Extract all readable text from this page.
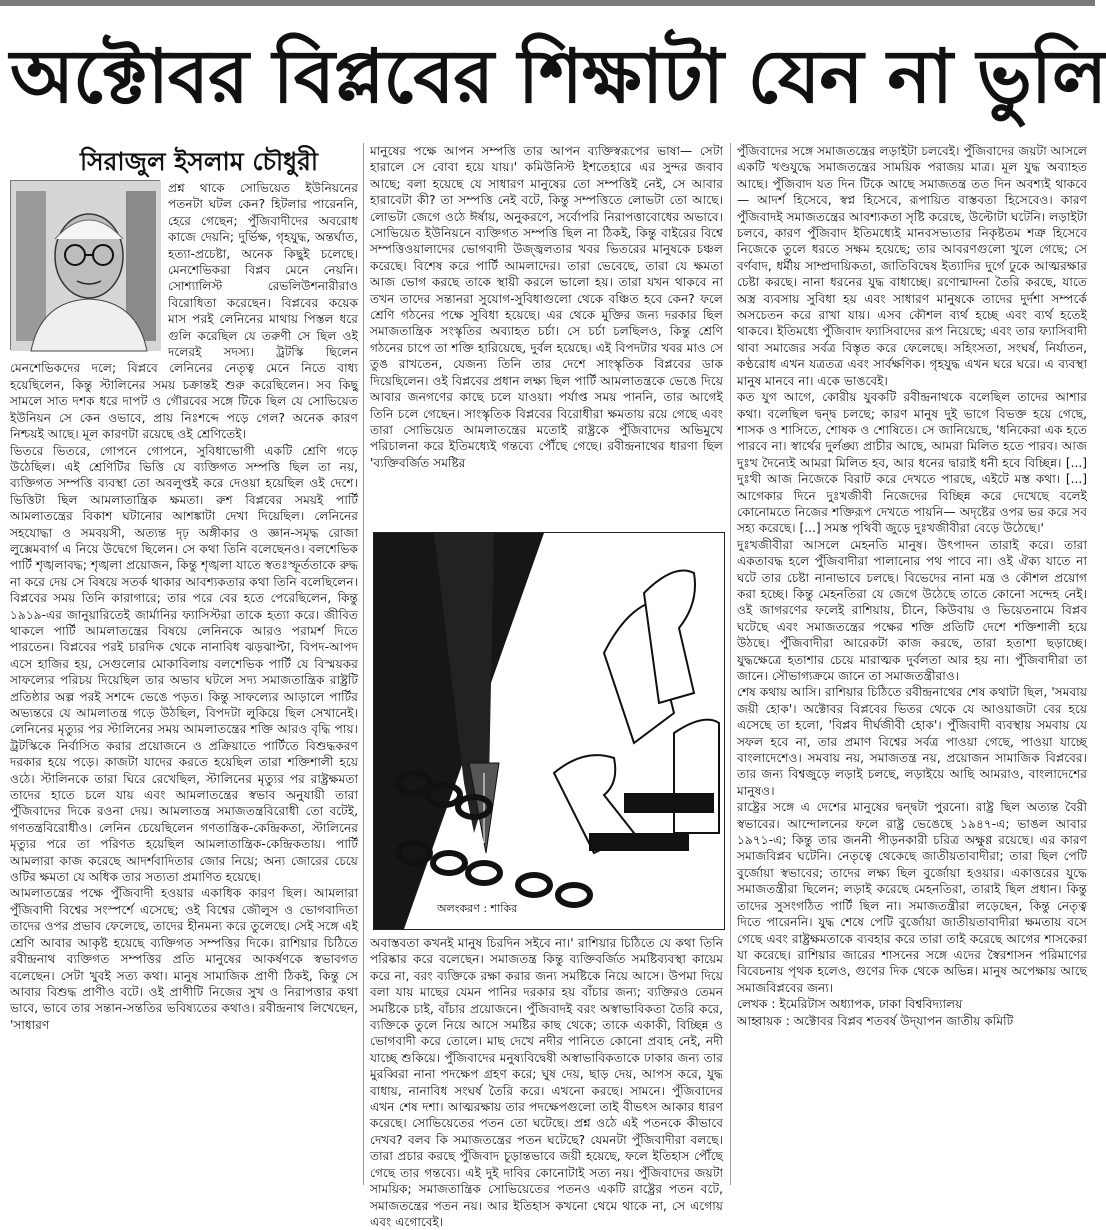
অক্টোবর বিপ্লবের শিক্ষাটা যেন না ভুলি
সিরাজুল ইসলাম চৌধুরী

প্রশ্ন থাকে সোভিয়েত ইউনিয়নের পতনটা ঘটল কেন? হিটলার পারেননি, হেরে গেছেন; পুঁজিবাদীদের অবরোধ কাজে দেয়নি; দুর্ভিক্ষ, গৃহযুদ্ধ, অন্তর্ঘাত, হত্যা-প্রচেষ্টা, অনেক কিছুই চলেছে। মেনশেভিকরা বিপ্লব মেনে নেয়নি। সোশ্যালিস্ট রেভলিউশনারীরাও বিরোধিতা করেছেন। বিপ্লবের কয়েক মাস পরই লেনিনের মাথায় পিস্তল ধরে গুলি করেছিল যে তরুণী সে ছিল ওই দলেরই সদস্য। ট্রটস্কি ছিলেন মেনশেভিকদের দলে; বিপ্লবে লেনিনের নেতৃত্ব মেনে নিতে বাধ্য হয়েছিলেন, কিন্তু স্টালিনের সময় চক্রান্তই শুরু করেছিলেন। সব কিছু সামলে সাত দশক ধরে দাপট ও গৌরবের সঙ্গে টিকে ছিল যে সোভিয়েত ইউনিয়ন সে কেন ওভাবে, প্রায় নিঃশব্দে পড়ে গেল? অনেক কারণ নিশ্চয়ই আছে। মূল কারণটা রয়েছে ওই শ্রেণিতেই।

ভিতরে ভিতরে, গোপনে গোপনে, সুবিধাভোগী একটি শ্রেণি গড়ে উঠেছিল। এই শ্রেণিটির ভিত্তি যে ব্যক্তিগত সম্পত্তি ছিল তা নয়, ব্যক্তিগত সম্পত্তি ব্যবস্থা তো অবলুপ্তই করে দেওয়া হয়েছিল ওই দেশে। ভিত্তিটা ছিল আমলাতান্ত্রিক ক্ষমতা। রুশ বিপ্লবের সময়ই পার্টি আমলাতন্ত্রের বিকাশ ঘটানোর আশঙ্কাটা দেখা দিয়েছিল। লেনিনের সহযোদ্ধা ও সমবয়সী, অত্যন্ত দৃঢ় অঙ্গীকার ও জ্ঞান-সমৃদ্ধ রোজা লুক্সেমবার্গ এ নিয়ে উদ্বেগে ছিলেন। সে কথা তিনি বলেছেনও। বলশেভিক পার্টি শৃঙ্খলাবদ্ধ; শৃঙ্খলা প্রয়োজন, কিন্তু শৃঙ্খলা যাতে স্বতঃস্ফূর্ততাকে রুদ্ধ না করে দেয় সে বিষয়ে সতর্ক থাকার আবশ্যকতার কথা তিনি বলেছিলেন। বিপ্লবের সময় তিনি কারাগারে; তার পরে বের হতে পেরেছিলেন, কিন্তু ১৯১৯-এর জানুয়ারিতেই জার্মানির ফ্যাসিস্টরা তাকে হত্যা করে। জীবিত থাকলে পার্টি আমলাতন্ত্রের বিষয়ে লেনিনকে আরও পরামর্শ দিতে পারতেন। বিপ্লবের পরই চারদিক থেকে নানাবিধ ঝড়ঝাপ্টা, বিপদ-আপদ এসে হাজির হয়, সেগুলোর মোকাবিলায় বলশেভিক পার্টি যে বিস্ময়কর সাফল্যের পরিচয় দিয়েছিল তার অভাব ঘটলে সদ্য সমাজতান্ত্রিক রাষ্ট্রটি প্রতিষ্ঠার অল্প পরই সশব্দে ভেঙে পড়ত। কিন্তু সাফল্যের আড়ালে পার্টির অভ্যন্তরে যে আমলাতন্ত্র গড়ে উঠছিল, বিপদটা লুকিয়ে ছিল সেখানেই। লেনিনের মৃত্যুর পর স্টালিনের সময় আমলাতন্ত্রের শক্তি আরও বৃদ্ধি পায়। ট্রটস্কিকে নির্বাসিত করার প্রয়োজনে ও প্রক্রিয়াতে পার্টিতে বিশুদ্ধকরণ দরকার হয়ে পড়ে। কাজটা যাদের করতে হয়েছিল তারা শক্তিশালী হয়ে ওঠে। স্টালিনকে তারা ঘিরে রেখেছিল, স্টালিনের মৃত্যুর পর রাষ্ট্রক্ষমতা তাদের হাতে চলে যায় এবং আমলাতন্ত্রের স্বভাব অনুযায়ী তারা পুঁজিবাদের দিকে রওনা দেয়। আমলাতন্ত্র সমাজতন্ত্রবিরোধী তো বটেই, গণতন্ত্রবিরোধীও। লেনিন চেয়েছিলেন গণতান্ত্রিক-কেন্দ্রিকতা, স্টালিনের মৃত্যুর পরে তা পরিণত হয়েছিল আমলাতান্ত্রিক-কেন্দ্রিকতায়। পার্টি আমলারা কাজ করেছে আদর্শবাদিতার জোর নিয়ে; অন্য জোরের চেয়ে ওটির ক্ষমতা যে অধিক তার সত্যতা প্রমাণিত হয়েছে।

আমলাতন্ত্রের পক্ষে পুঁজিবাদী হওয়ার একাধিক কারণ ছিল। আমলারা পুঁজিবাদী বিশ্বের সংস্পর্শে এসেছে; ওই বিশ্বের জৌলুস ও ভোগবাদিতা তাদের ওপর প্রভাব ফেলেছে, তাদের হীনমন্য করে তুলেছে। সেই সঙ্গে এই শ্রেণি আবার আকৃষ্ট হয়েছে ব্যক্তিগত সম্পত্তির দিকে। রাশিয়ার চিঠিতে রবীন্দ্রনাথ ব্যক্তিগত সম্পত্তির প্রতি মানুষের আকর্ষণকে স্বভাবগত বলেছেন। সেটা খুবই সত্য কথা। মানুষ সামাজিক প্রাণী ঠিকই, কিন্তু সে আবার বিশুদ্ধ প্রাণীও বটে। ওই প্রাণীটি নিজের সুখ ও নিরাপত্তার কথা ভাবে, ভাবে তার সন্তান-সন্ততির ভবিষ্যতের কথাও। রবীন্দ্রনাথ লিখেছেন, 'সাধারণ

মানুষের পক্ষে আপন সম্পত্তি তার আপন ব্যক্তিস্বরূপের ভাষা— সেটা হারালে সে বোবা হয়ে যায়।' কমিউনিস্ট ইশতেহারে এর সুন্দর জবাব আছে; বলা হয়েছে যে সাধারণ মানুষের তো সম্পত্তিই নেই, সে আবার হারাবেটা কী? তা সম্পত্তি নেই বটে, কিন্তু সম্পত্তিতে লোভটা তো আছে। লোভটা জেগে ওঠে ঈর্ষায়, অনুকরণে, সর্বোপরি নিরাপত্তাবোধের অভাবে। সোভিয়েত ইউনিয়নে ব্যক্তিগত সম্পত্তি ছিল না ঠিকই, কিন্তু বাইরের বিশ্বে সম্পত্তিওয়ালাদের ভোগবাদী উজ্জ্বলতার খবর ভিতরের মানুষকে চঞ্চল করেছে। বিশেষ করে পার্টি আমলাদের। তারা ভেবেছে, তারা যে ক্ষমতা আজ ভোগ করছে তাকে স্থায়ী করলে ভালো হয়। তারা যখন থাকবে না তখন তাদের সন্তানরা সুযোগ-সুবিধাগুলো থেকে বঞ্চিত হবে কেন? ফলে শ্রেণি গঠনের পক্ষে সুবিধা হয়েছে। এর থেকে মুক্তির জন্য দরকার ছিল সমাজতান্ত্রিক সংস্কৃতির অব্যাহত চর্চা। সে চর্চা চলছিলও, কিন্তু শ্রেণি গঠনের চাপে তা শক্তি হারিয়েছে, দুর্বল হয়েছে। এই বিপদটার খবর মাও সে তুঙ রাখতেন, যেজন্য তিনি তার দেশে সাংস্কৃতিক বিপ্লবের ডাক দিয়েছিলেন। ওই বিপ্লবের প্রধান লক্ষ্য ছিল পার্টি আমলাতন্ত্রকে ভেঙে দিয়ে আবার জনগণের কাছে চলে যাওয়া। পর্যাপ্ত সময় পাননি, তার আগেই তিনি চলে গেছেন। সাংস্কৃতিক বিপ্লবের বিরোধীরা ক্ষমতায় রয়ে গেছে এবং তারা সোভিয়েত আমলাতন্ত্রের মতোই রাষ্ট্রকে পুঁজিবাদের অভিমুখে পরিচালনা করে ইতিমধ্যেই গন্তব্যে পৌঁছে গেছে। রবীন্দ্রনাথের ধারণা ছিল 'ব্যক্তিবর্জিত সমষ্টির

অলংকরণ : শাকির

অবাস্তবতা কখনই মানুষ চিরদিন সইবে না।' রাশিয়ার চিঠিতে যে কথা তিনি পরিষ্কার করে বলেছেন। সমাজতন্ত্র কিন্তু ব্যক্তিবর্জিত সমষ্টিব্যবস্থা কায়েম করে না, বরং ব্যক্তিকে রক্ষা করার জন্য সমষ্টিকে নিয়ে আসে। উপমা দিয়ে বলা যায় মাছের যেমন পানির দরকার হয় বাঁচার জন্য; ব্যক্তিরও তেমন সমষ্টিকে চাই, বাঁচার প্রয়োজনে। পুঁজিবাদই বরং অস্বাভাবিকতা তৈরি করে, ব্যক্তিকে তুলে নিয়ে আসে সমষ্টির কাছ থেকে; তাকে একাকী, বিচ্ছিন্ন ও ভোগবাদী করে তোলে। মাছ দেখে নদীর পানিতে কোনো প্রবাহ নেই, নদী যাচ্ছে শুকিয়ে। পুঁজিবাদের মনুষ্যবিদ্বেষী অস্বাভাবিকতাকে ঢাকার জন্য তার মুরব্বিরা নানা পদক্ষেপ গ্রহণ করে; ঘুষ দেয়, ছাড় দেয়, আপস করে, যুদ্ধ বাধায়, নানাবিধ সংঘর্ষ তৈরি করে। এখনো করছে। সামনে। পুঁজিবাদের এখন শেষ দশা। আত্মরক্ষায় তার পদক্ষেপগুলো তাই বীভৎস আকার ধারণ করেছে। সোভিয়েতের পতন তো ঘটেছে। প্রশ্ন ওঠে এই পতনকে কীভাবে দেখব? বলব কি সমাজতন্ত্রের পতন ঘটেছে? যেমনটা পুঁজিবাদীরা বলছে। তারা প্রচার করছে পুঁজিবাদ চূড়ান্তভাবে জয়ী হয়েছে, ফলে ইতিহাস পৌঁছে গেছে তার গন্তব্যে। এই দুই দাবির কোনোটাই সত্য নয়। পুঁজিবাদের জয়টা সাময়িক; সমাজতান্ত্রিক সোভিয়েতের পতনও একটি রাষ্ট্রের পতন বটে, সমাজতন্ত্রের পতন নয়। আর ইতিহাস কখনো থেমে থাকে না, সে এগোয় এবং এগোবেই।

পুঁজিবাদের সঙ্গে সমাজতন্ত্রের লড়াইটা চলবেই। পুঁজিবাদের জয়টা আসলে একটি খণ্ডযুদ্ধে সমাজতন্ত্রের সাময়িক পরাজয় মাত্র। মূল যুদ্ধ অব্যাহত আছে। পুঁজিবাদ যত দিন টিকে আছে সমাজতন্ত্র তত দিন অবশ্যই থাকবে— আদর্শ হিসেবে, স্বপ্ন হিসেবে, রূপায়িত বাস্তবতা হিসেবেও। কারণ পুঁজিবাদই সমাজতন্ত্রের আবশ্যকতা সৃষ্টি করেছে, উল্টোটা ঘটেনি। লড়াইটা চলবে, কারণ পুঁজিবাদ ইতিমধ্যেই মানবসভ্যতার নিকৃষ্টতম শত্রু হিসেবে নিজেকে তুলে ধরতে সক্ষম হয়েছে; তার আবরণগুলো খুলে গেছে; সে বর্ণবাদ, ধর্মীয় সাম্প্রদায়িকতা, জাতিবিদ্বেষ ইত্যাদির দুর্গে ঢুকে আত্মরক্ষার চেষ্টা করছে। নানা ধরনের যুদ্ধ বাধাচ্ছে। রণোন্মাদনা তৈরি করছে, যাতে অস্ত্র ব্যবসায় সুবিধা হয় এবং সাধারণ মানুষকে তাদের দুর্দশা সম্পর্কে অসচেতন করে রাখা যায়। এসব কৌশল ব্যর্থ হচ্ছে এবং ব্যর্থ হতেই থাকবে। ইতিমধ্যে পুঁজিবাদ ফ্যাসিবাদের রূপ নিয়েছে; এবং তার ফ্যাসিবাদী থাবা সমাজের সর্বত্র বিস্তৃত করে ফেলেছে। সহিংসতা, সংঘর্ষ, নির্যাতন, কণ্ঠরোধ এখন যত্রতত্র এবং সার্বক্ষণিক। গৃহযুদ্ধ এখন ঘরে ঘরে। এ ব্যবস্থা মানুষ মানবে না। একে ভাঙবেই।

কত যুগ আগে, কোরীয় যুবকটি রবীন্দ্রনাথকে বলেছিল তাদের আশার কথা। বলেছিল দ্বন্দ্ব চলছে; কারণ মানুষ দুই ভাগে বিভক্ত হয়ে গেছে, শাসক ও শাসিতে, শোষক ও শোষিতে। সে জানিয়েছে, 'ধনিকেরা এক হতে পারবে না। স্বার্থের দুর্লঙ্ঘ্য প্রাচীর আছে, আমরা মিলিত হতে পারব। আজ দুঃখ দৈন্যেই আমরা মিলিত হব, আর ধনের দ্বারাই ধনী হবে বিচ্ছিন্ন। [...] দুঃখী আজ নিজেকে বিরাট করে দেখতে পারছে, এইটে মস্ত কথা। [...] আগেকার দিনে দুঃখজীবী নিজেদের বিচ্ছিন্ন করে দেখেছে বলেই কোনোমতে নিজের শক্তিরূপ দেখতে পায়নি— অদৃষ্টের ওপর ভর করে সব সহ্য করেছে। [...] সমস্ত পৃথিবী জুড়ে দুঃখজীবীরা বেড়ে উঠেছে।'

দুঃখজীবীরা আসলে মেহনতি মানুষ। উৎপাদন তারাই করে। তারা একতাবদ্ধ হলে পুঁজিবাদীরা পালানোর পথ পাবে না। ওই ঐক্য যাতে না ঘটে তার চেষ্টা নানাভাবে চলছে। বিভেদের নানা মন্ত্র ও কৌশল প্রয়োগ করা হচ্ছে। কিন্তু মেহনতিরা যে জেগে উঠেছে তাতে কোনো সন্দেহ নেই। ওই জাগরণের ফলেই রাশিয়ায়, চীনে, কিউবায় ও ভিয়েতনামে বিপ্লব ঘটেছে এবং সমাজতন্ত্রের পক্ষের শক্তি প্রতিটি দেশে শক্তিশালী হয়ে উঠছে। পুঁজিবাদীরা আরেকটা কাজ করছে, তারা হতাশা ছড়াচ্ছে। যুদ্ধক্ষেত্রে হতাশার চেয়ে মারাত্মক দুর্বলতা আর হয় না। পুঁজিবাদীরা তা জানে। সৌভাগ্যক্রমে জানে তা সমাজতন্ত্রীরাও।

শেষ কথায় আসি। রাশিয়ার চিঠিতে রবীন্দ্রনাথের শেষ কথাটা ছিল, 'সমবায় জয়ী হোক'। অক্টোবর বিপ্লবের ভিতর থেকে যে আওয়াজটা বের হয়ে এসেছে তা হলো, 'বিপ্লব দীর্ঘজীবী হোক'। পুঁজিবাদী ব্যবস্থায় সমবায় যে সফল হবে না, তার প্রমাণ বিশ্বের সর্বত্র পাওয়া গেছে, পাওয়া যাচ্ছে বাংলাদেশেও। সমবায় নয়, সমাজতন্ত্র নয়, প্রয়োজন সামাজিক বিপ্লবের। তার জন্য বিশ্বজুড়ে লড়াই চলছে, লড়াইয়ে আছি আমরাও, বাংলাদেশের মানুষও।

রাষ্ট্রের সঙ্গে এ দেশের মানুষের দ্বন্দ্বটা পুরনো। রাষ্ট্র ছিল অত্যন্ত বৈরী স্বভাবের। আন্দোলনের ফলে রাষ্ট্র ভেঙেছে ১৯৪৭-এ; ভাঙল আবার ১৯৭১-এ; কিন্তু তার জননী পীড়নকারী চরিত্র অক্ষুণ্ণ রয়েছে। এর কারণ সমাজবিপ্লব ঘটেনি। নেতৃত্বে থেকেছে জাতীয়তাবাদীরা; তারা ছিল পেটি বুর্জোয়া স্বভাবের; তাদের লক্ষ্য ছিল বুর্জোয়া হওয়ার। একাত্তরের যুদ্ধে সমাজতন্ত্রীরা ছিলেন; লড়াই করেছে মেহনতিরা, তারাই ছিল প্রধান। কিন্তু তাদের সুসংগঠিত পার্টি ছিল না। সমাজতন্ত্রীরা লড়েছেন, কিন্তু নেতৃত্ব দিতে পারেননি। যুদ্ধ শেষে পেটি বুর্জোয়া জাতীয়তাবাদীরা ক্ষমতায় বসে গেছে এবং রাষ্ট্রক্ষমতাকে ব্যবহার করে তারা তাই করেছে আগের শাসকেরা যা করেছে। রাশিয়ার জারের শাসনের সঙ্গে এদের স্বৈরশাসন পরিমাণের বিবেচনায় পৃথক হলেও, গুণের দিক থেকে অভিন্ন। মানুষ অপেক্ষায় আছে সমাজবিপ্লবের জন্য।

লেখক : ইমেরিটাস অধ্যাপক, ঢাকা বিশ্ববিদ্যালয়

আহ্বায়ক : অক্টোবর বিপ্লব শতবর্ষ উদ্‌যাপন জাতীয় কমিটি
